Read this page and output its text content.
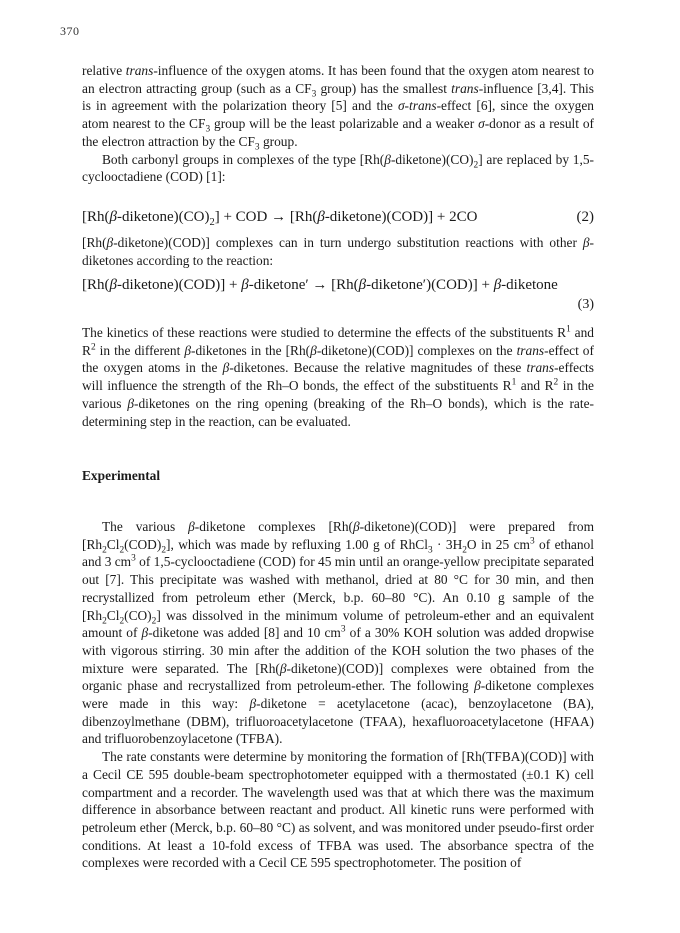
370

relative trans-influence of the oxygen atoms. It has been found that the oxygen atom nearest to an electron attracting group (such as a $CF_3$ group) has the smallest trans-influence [3,4]. This is in agreement with the polarization theory [5] and the σ-trans-effect [6], since the oxygen atom nearest to the $CF_3$ group will be the least polarizable and a weaker σ-donor as a result of the electron attraction by the $CF_3$ group.

Both carbonyl groups in complexes of the type $[Rh(\beta-diketone)(CO)_2]$ are replaced by 1,5-cyclooctadiene (COD) [1]:

$[Rh(\beta-diketone)(CO)_2]$ + COD → [Rh(β-diketone)(COD)] + 2CO	(2)

[Rh(β-diketone)(COD)] complexes can in turn undergo substitution reactions with other β-diketones according to the reaction:

[Rh(β-diketone)(COD)] + β-diketone′ → [Rh(β-diketone′)(COD)] + β-diketone
(3)

The kinetics of these reactions were studied to determine the effects of the substituents $R^1$ and $R^2$ in the different β-diketones in the [Rh(β-diketone)(COD)] complexes on the trans-effect of the oxygen atoms in the β-diketones. Because the relative magnitudes of these trans-effects will influence the strength of the Rh–O bonds, the effect of the substituents $R^1$ and $R^2$ in the various β-diketones on the ring opening (breaking of the Rh–O bonds), which is the rate-determining step in the reaction, can be evaluated.

Experimental

The various β-diketone complexes [Rh(β-diketone)(COD)] were prepared from $[Rh_2Cl_2(COD)_2]$, which was made by refluxing 1.00 g of RhCl$_3$ · $3H_2O$ in 25 $cm^3$ of ethanol and 3 $cm^3$ of 1,5-cyclooctadiene (COD) for 45 min until an orange-yellow precipitate separated out [7]. This precipitate was washed with methanol, dried at 80 °C for 30 min, and then recrystallized from petroleum ether (Merck, b.p. 60–80 °C). An 0.10 g sample of the $[Rh_2Cl_2(CO)_2]$ was dissolved in the minimum volume of petroleum-ether and an equivalent amount of β-diketone was added [8] and 10 $cm^3$ of a 30% KOH solution was added dropwise with vigorous stirring. 30 min after the addition of the KOH solution the two phases of the mixture were separated. The [Rh(β-diketone)(COD)] complexes were obtained from the organic phase and recrystallized from petroleum-ether. The following β-diketone complexes were made in this way: β-diketone = acetylacetone (acac), benzoylacetone (BA), dibenzoylmethane (DBM), trifluoroacetylacetone (TFAA), hexafluoroacetylacetone (HFAA) and trifluorobenzoylacetone (TFBA).

The rate constants were determine by monitoring the formation of [Rh(TFBA)(COD)] with a Cecil CE 595 double-beam spectrophotometer equipped with a thermostated (±0.1 K) cell compartment and a recorder. The wavelength used was that at which there was the maximum difference in absorbance between reactant and product. All kinetic runs were performed with petroleum ether (Merck, b.p. 60–80 °C) as solvent, and was monitored under pseudo-first order conditions. At least a 10-fold excess of TFBA was used. The absorbance spectra of the complexes were recorded with a Cecil CE 595 spectrophotometer. The position of
